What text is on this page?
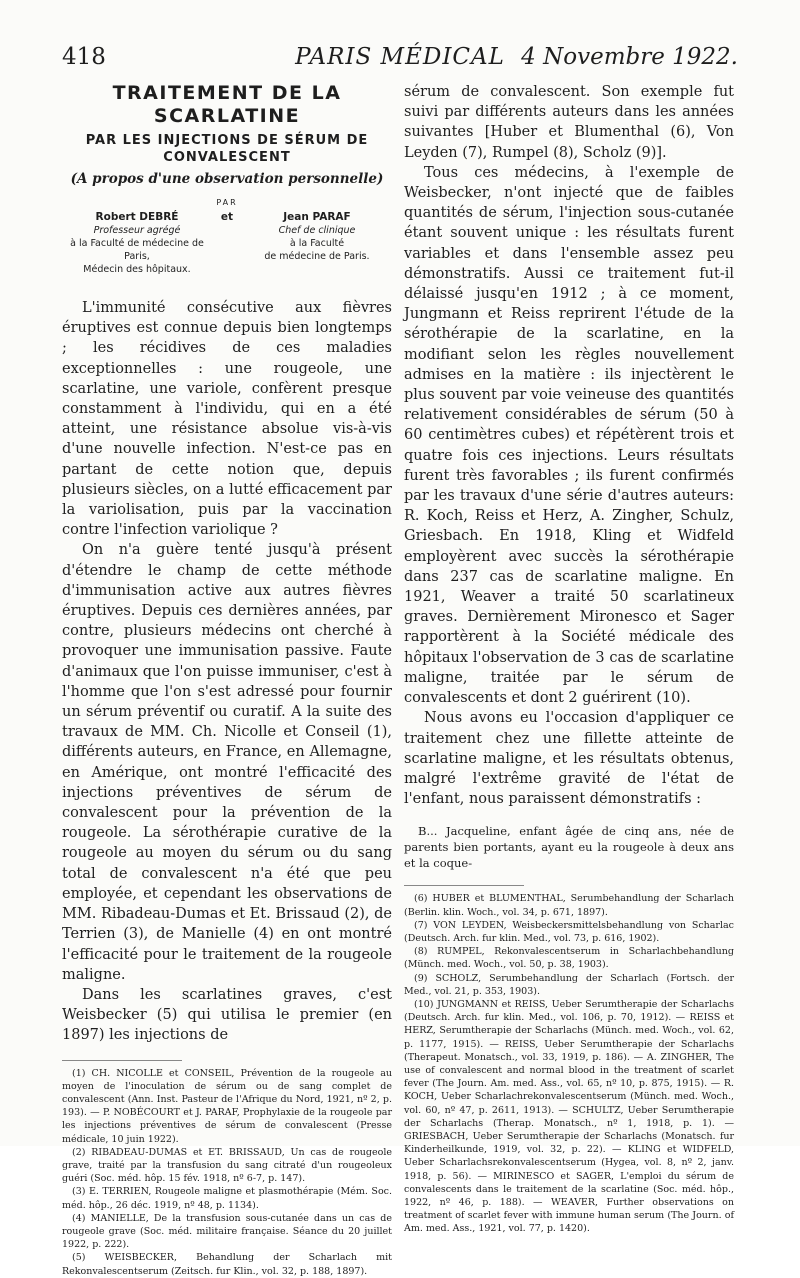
418	PARIS MÉDICAL 4 Novembre 1922.
TRAITEMENT DE LA
SCARLATINE
PAR LES INJECTIONS DE SÉRUM DE CONVALESCENT
(A propos d'une observation personnelle)
PAR
Robert DEBRÉ
Professeur agrégé
à la Faculté de médecine de Paris,
Médecin des hôpitaux.
et	Jean PARAF
Chef de clinique
à la Faculté
de médecine de Paris.

L'immunité consécutive aux fièvres éruptives est connue depuis bien longtemps ; les récidives de ces maladies exceptionnelles : une rougeole, une scarlatine, une variole, confèrent presque constamment à l'individu, qui en a été atteint, une résistance absolue vis-à-vis d'une nouvelle infection. N'est-ce pas en partant de cette notion que, depuis plusieurs siècles, on a lutté efficacement par la variolisation, puis par la vaccination contre l'infection variolique ?

On n'a guère tenté jusqu'à présent d'étendre le champ de cette méthode d'immunisation active aux autres fièvres éruptives. Depuis ces dernières années, par contre, plusieurs médecins ont cherché à provoquer une immunisation passive. Faute d'animaux que l'on puisse immuniser, c'est à l'homme que l'on s'est adressé pour fournir un sérum préventif ou curatif. A la suite des travaux de MM. Ch. Nicolle et Conseil (1), différents auteurs, en France, en Allemagne, en Amérique, ont montré l'efficacité des injections préventives de sérum de convalescent pour la prévention de la rougeole. La sérothérapie curative de la rougeole au moyen du sérum ou du sang total de convalescent n'a été que peu employée, et cependant les observations de MM. Ribadeau-Dumas et Et. Brissaud (2), de Terrien (3), de Manielle (4) en ont montré l'efficacité pour le traitement de la rougeole maligne.

Dans les scarlatines graves, c'est Weisbecker (5) qui utilisa le premier (en 1897) les injections de

(1) CH. NICOLLE et CONSEIL, Prévention de la rougeole au moyen de l'inoculation de sérum ou de sang complet de convalescent (Ann. Inst. Pasteur de l'Afrique du Nord, 1921, nº 2, p. 193). — P. NOBÉCOURT et J. PARAF, Prophylaxie de la rougeole par les injections préventives de sérum de convalescent (Presse médicale, 10 juin 1922).

(2) RIBADEAU-DUMAS et ET. BRISSAUD, Un cas de rougeole grave, traité par la transfusion du sang citraté d'un rougeoleux guéri (Soc. méd. hôp. 15 fév. 1918, nº 6-7, p. 147).

(3) E. TERRIEN, Rougeole maligne et plasmothérapie (Mém. Soc. méd. hôp., 26 déc. 1919, nº 48, p. 1134).

(4) MANIELLE, De la transfusion sous-cutanée dans un cas de rougeole grave (Soc. méd. militaire française. Séance du 20 juillet 1922, p. 222).

(5) WEISBECKER, Behandlung der Scharlach mit Rekonvalescentserum (Zeitsch. fur Klin., vol. 32, p. 188, 1897).

sérum de convalescent. Son exemple fut suivi par différents auteurs dans les années suivantes [Huber et Blumenthal (6), Von Leyden (7), Rumpel (8), Scholz (9)].

Tous ces médecins, à l'exemple de Weisbecker, n'ont injecté que de faibles quantités de sérum, l'injection sous-cutanée étant souvent unique : les résultats furent variables et dans l'ensemble assez peu démonstratifs. Aussi ce traitement fut-il délaissé jusqu'en 1912 ; à ce moment, Jungmann et Reiss reprirent l'étude de la sérothérapie de la scarlatine, en la modifiant selon les règles nouvellement admises en la matière : ils injectèrent le plus souvent par voie veineuse des quantités relativement considérables de sérum (50 à 60 centimètres cubes) et répétèrent trois et quatre fois ces injections. Leurs résultats furent très favorables ; ils furent confirmés par les travaux d'une série d'autres auteurs: R. Koch, Reiss et Herz, A. Zingher, Schulz, Griesbach. En 1918, Kling et Widfeld employèrent avec succès la sérothérapie dans 237 cas de scarlatine maligne. En 1921, Weaver a traité 50 scarlatineux graves. Dernièrement Mironesco et Sager rapportèrent à la Société médicale des hôpitaux l'observation de 3 cas de scarlatine maligne, traitée par le sérum de convalescents et dont 2 guérirent (10).

Nous avons eu l'occasion d'appliquer ce traitement chez une fillette atteinte de scarlatine maligne, et les résultats obtenus, malgré l'extrême gravité de l'état de l'enfant, nous paraissent démonstratifs :

B... Jacqueline, enfant âgée de cinq ans, née de parents bien portants, ayant eu la rougeole à deux ans et la coque-

(6) HUBER et BLUMENTHAL, Serumbehandlung der Scharlach (Berlin. klin. Woch., vol. 34, p. 671, 1897).

(7) VON LEYDEN, Weisbeckersmittelsbehandlung von Scharlac (Deutsch. Arch. fur klin. Med., vol. 73, p. 616, 1902).

(8) RUMPEL, Rekonvalescentserum in Scharlachbehandlung (Münch. med. Woch., vol. 50, p. 38, 1903).

(9) SCHOLZ, Serumbehandlung der Scharlach (Fortsch. der Med., vol. 21, p. 353, 1903).

(10) JUNGMANN et REISS, Ueber Serumtherapie der Scharlachs (Deutsch. Arch. fur klin. Med., vol. 106, p. 70, 1912). — REISS et HERZ, Serumtherapie der Scharlachs (Münch. med. Woch., vol. 62, p. 1177, 1915). — REISS, Ueber Serumtherapie der Scharlachs (Therapeut. Monatsch., vol. 33, 1919, p. 186). — A. ZINGHER, The use of convalescent and normal blood in the treatment of scarlet fever (The Journ. Am. med. Ass., vol. 65, nº 10, p. 875, 1915). — R. KOCH, Ueber Scharlachrekonvalescentserum (Münch. med. Woch., vol. 60, nº 47, p. 2611, 1913). — SCHULTZ, Ueber Serumtherapie der Scharlachs (Therap. Monatsch., nº 1, 1918, p. 1). — GRIESBACH, Ueber Serumtherapie der Scharlachs (Monatsch. fur Kinderheilkunde, 1919, vol. 32, p. 22). — KLING et WIDFELD, Ueber Scharlachsrekonvalescentserum (Hygea, vol. 8, nº 2, janv. 1918, p. 56). — MIRINESCO et SAGER, L'emploi du sérum de convalescents dans le traitement de la scarlatine (Soc. méd. hôp., 1922, nº 46, p. 188). — WEAVER, Further observations on treatment of scarlet fever with immune human serum (The Journ. of Am. med. Ass., 1921, vol. 77, p. 1420).
